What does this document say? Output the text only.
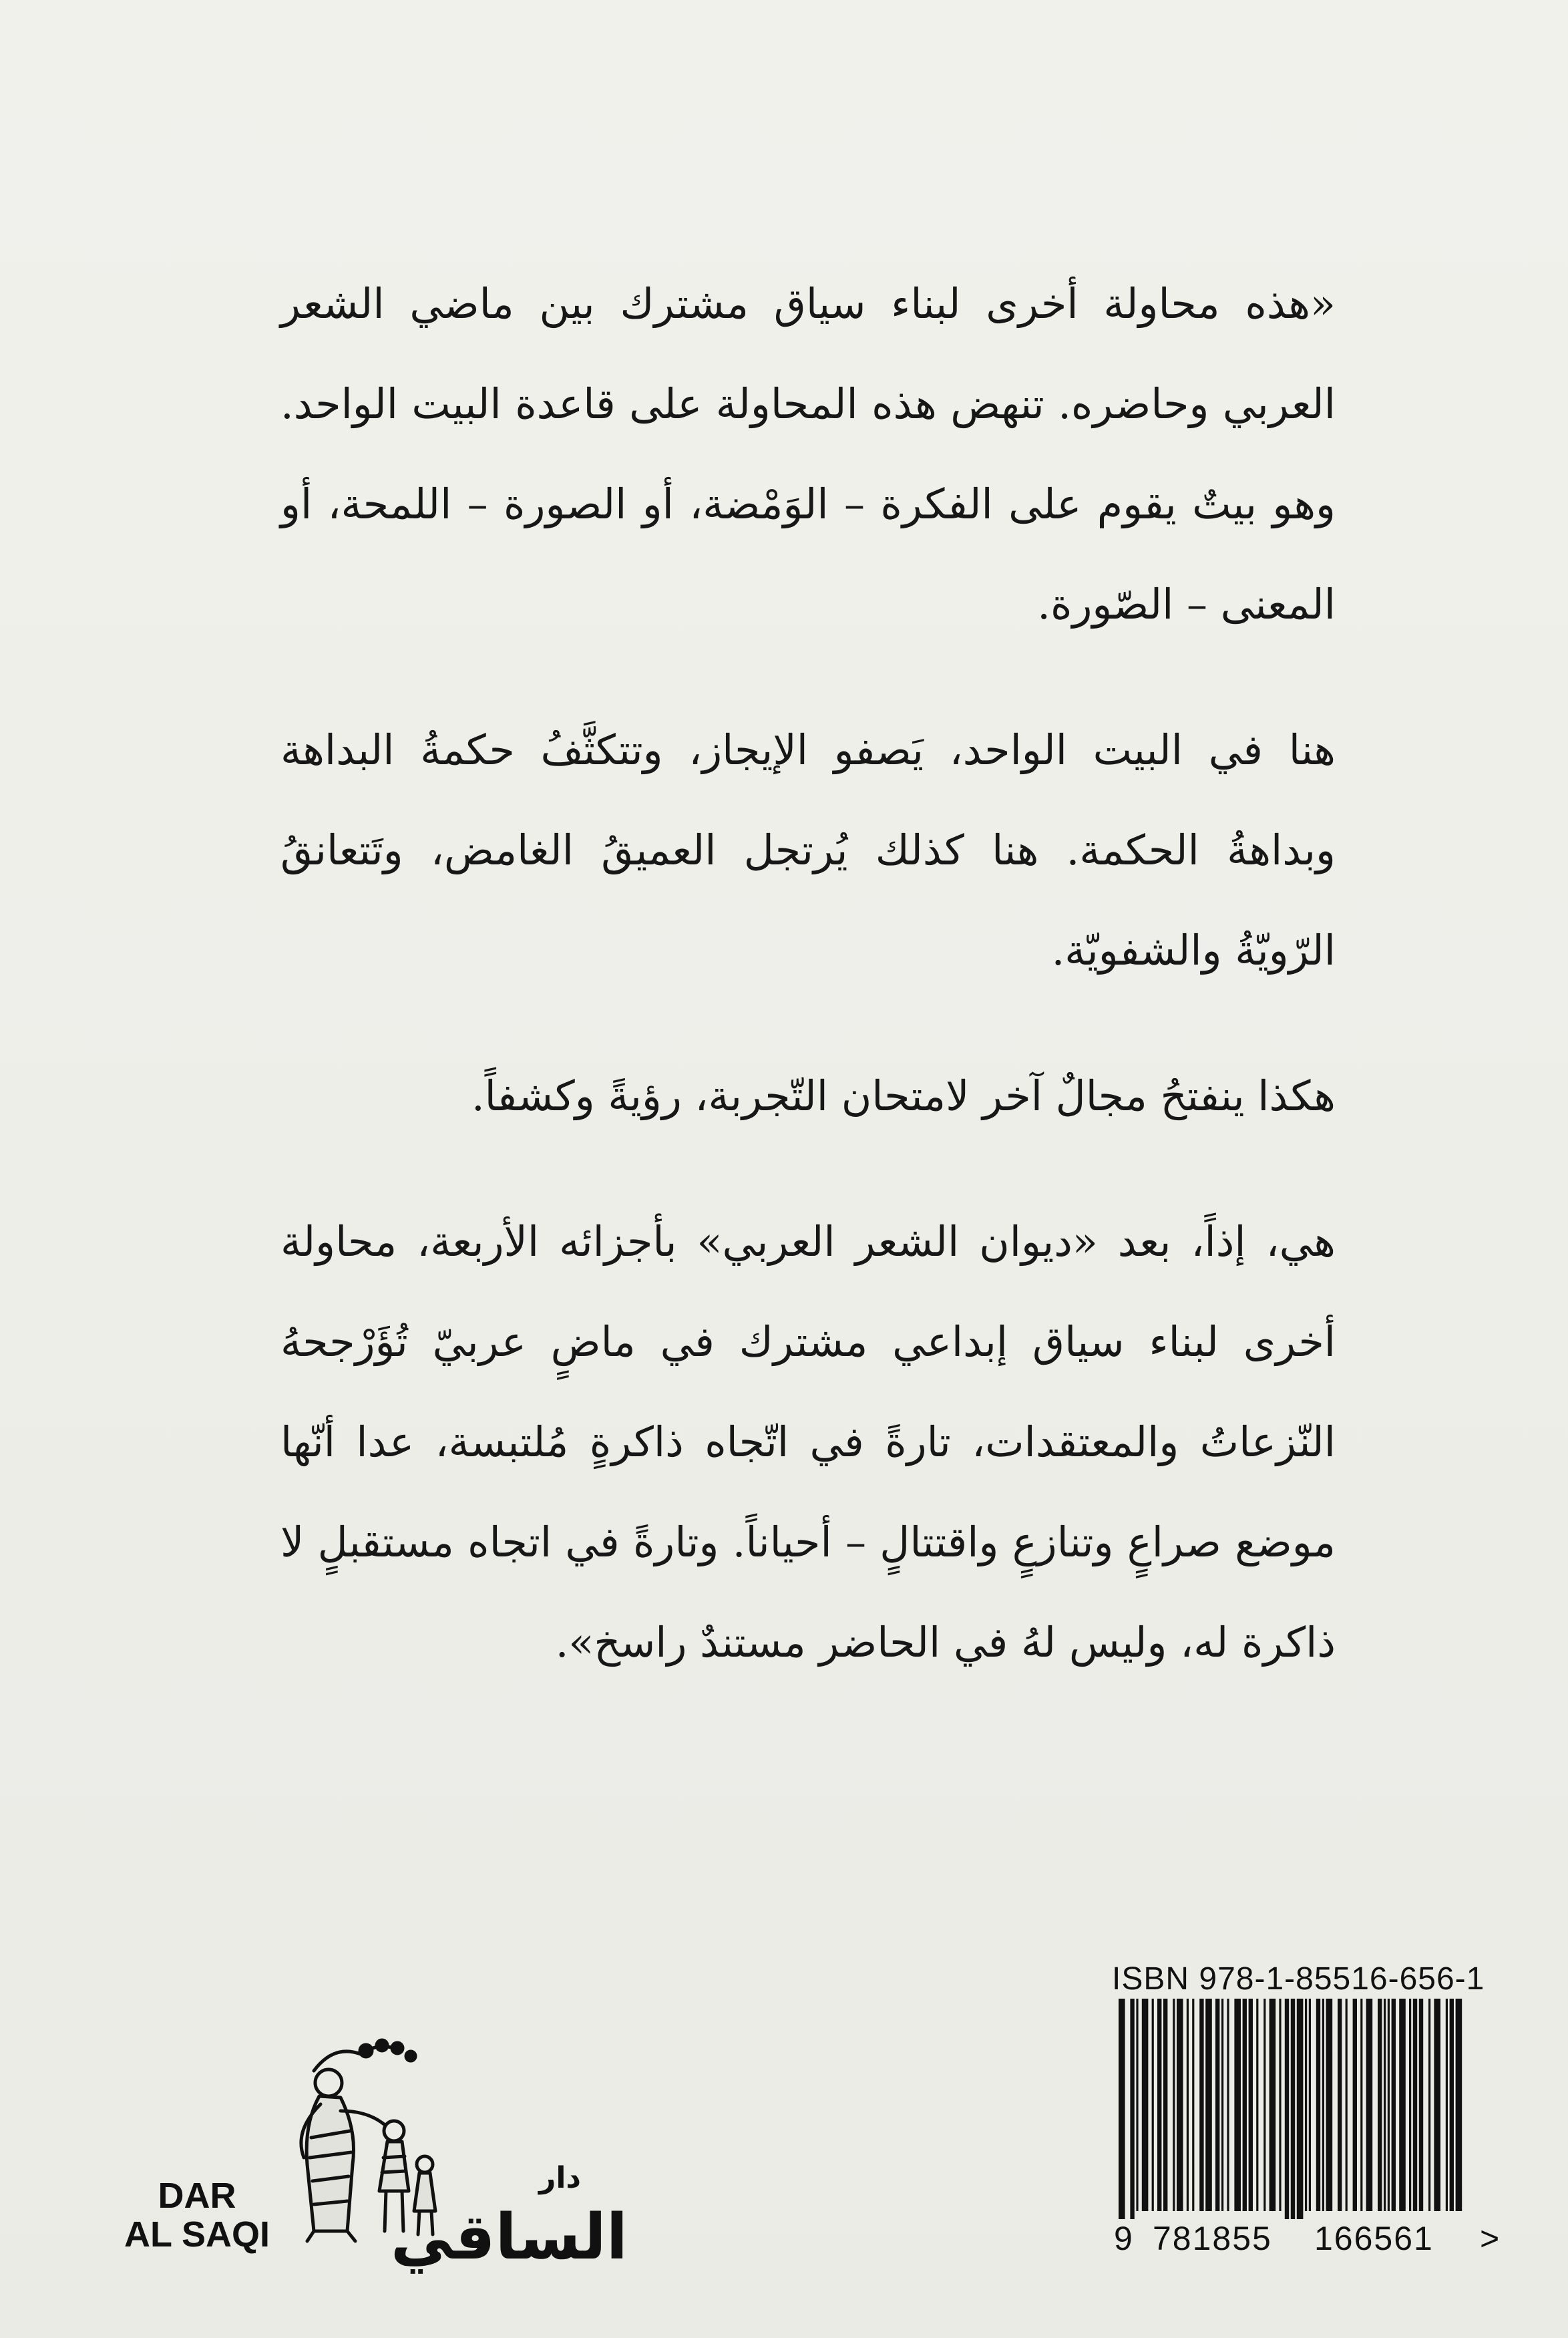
«هذه محاولة أخرى لبناء سياق مشترك بين ماضي الشعر العربي وحاضره. تنهض هذه المحاولة على قاعدة البيت الواحد. وهو بيتٌ يقوم على الفكرة – الوَمْضة، أو الصورة – اللمحة، أو المعنى – الصّورة.

هنا في البيت الواحد، يَصفو الإيجاز، وتتكثَّفُ حكمةُ البداهة وبداهةُ الحكمة. هنا كذلك يُرتجل العميقُ الغامض، وتَتعانقُ الرّويّةُ والشفويّة.

هكذا ينفتحُ مجالٌ آخر لامتحان التّجربة، رؤيةً وكشفاً.

هي، إذاً، بعد «ديوان الشعر العربي» بأجزائه الأربعة، محاولة أخرى لبناء سياق إبداعي مشترك في ماضٍ عربيّ تُؤَرْجحهُ النّزعاتُ والمعتقدات، تارةً في اتّجاه ذاكرةٍ مُلتبسة، عدا أنّها موضع صراعٍ وتنازعٍ واقتتالٍ – أحياناً. وتارةً في اتجاه مستقبلٍ لا ذاكرة له، وليس لهُ في الحاضر مستندٌ راسخ».

ISBN 978-1-85516-656-1
9 781855 166561 >
DAR
AL SAQI
دار
الساقي
